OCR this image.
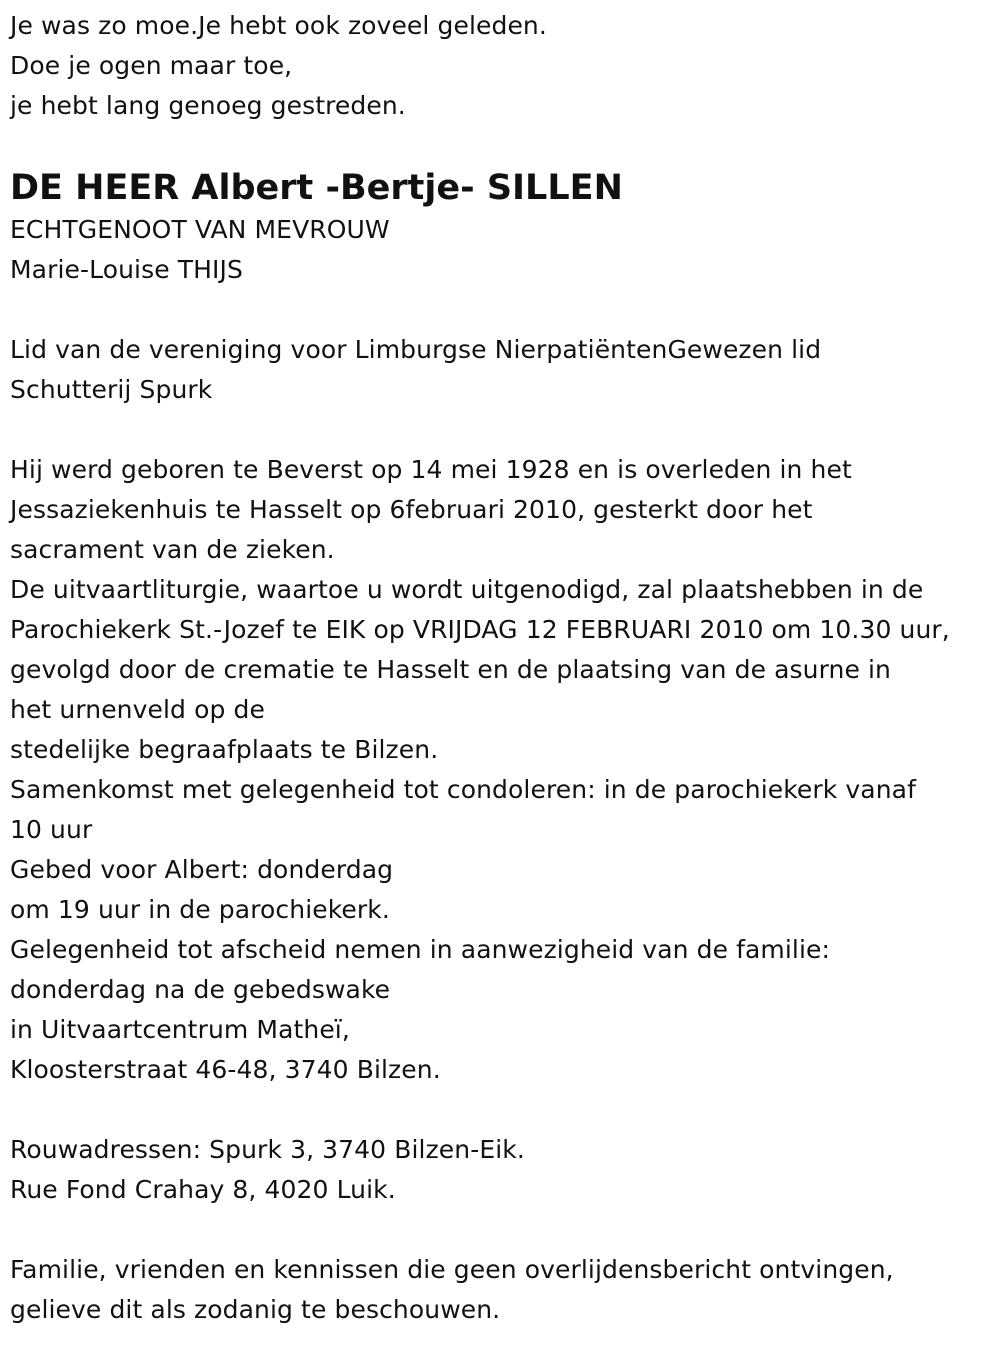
Je was zo moe.Je hebt ook zoveel geleden.
Doe je ogen maar toe,
je hebt lang genoeg gestreden.
DE HEER Albert -Bertje- SILLEN
ECHTGENOOT VAN MEVROUW
Marie-Louise THIJS
Lid van de vereniging voor Limburgse NierpatiëntenGewezen lid
Schutterij Spurk
Hij werd geboren te Beverst op 14 mei 1928 en is overleden in het
Jessaziekenhuis te Hasselt op 6februari 2010, gesterkt door het
sacrament van de zieken.
De uitvaartliturgie, waartoe u wordt uitgenodigd, zal plaatshebben in de
Parochiekerk St.-Jozef te EIK op VRIJDAG 12 FEBRUARI 2010 om 10.30 uur,
gevolgd door de crematie te Hasselt en de plaatsing van de asurne in
het urnenveld op de
stedelijke begraafplaats te Bilzen.
Samenkomst met gelegenheid tot condoleren: in de parochiekerk vanaf
10 uur
Gebed voor Albert: donderdag
om 19 uur in de parochiekerk.
Gelegenheid tot afscheid nemen in aanwezigheid van de familie:
donderdag na de gebedswake
in Uitvaartcentrum Matheï,
Kloosterstraat 46-48, 3740 Bilzen.
Rouwadressen: Spurk 3, 3740 Bilzen-Eik.
Rue Fond Crahay 8, 4020 Luik.
Familie, vrienden en kennissen die geen overlijdensbericht ontvingen,
gelieve dit als zodanig te beschouwen.
